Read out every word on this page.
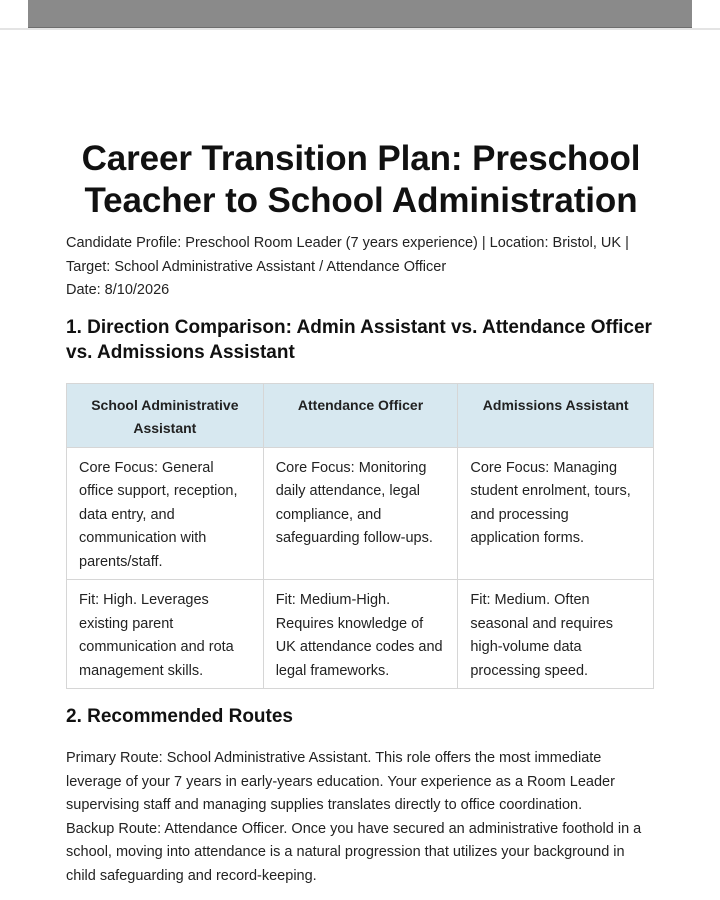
Career Transition Plan: Preschool Teacher to School Administration
Candidate Profile: Preschool Room Leader (7 years experience) | Location: Bristol, UK | Target: School Administrative Assistant / Attendance Officer
Date: 8/10/2026
1. Direction Comparison: Admin Assistant vs. Attendance Officer vs. Admissions Assistant
School Administrative Assistant	Attendance Officer	Admissions Assistant
Core Focus: General office support, reception, data entry, and communication with parents/staff.	Core Focus: Monitoring daily attendance, legal compliance, and safeguarding follow-ups.	Core Focus: Managing student enrolment, tours, and processing application forms.
Fit: High. Leverages existing parent communication and rota management skills.	Fit: Medium-High. Requires knowledge of UK attendance codes and legal frameworks.	Fit: Medium. Often seasonal and requires high-volume data processing speed.
2. Recommended Routes

Primary Route: School Administrative Assistant. This role offers the most immediate leverage of your 7 years in early-years education. Your experience as a Room Leader supervising staff and managing supplies translates directly to office coordination.

Backup Route: Attendance Officer. Once you have secured an administrative foothold in a school, moving into attendance is a natural progression that utilizes your background in child safeguarding and record-keeping.
